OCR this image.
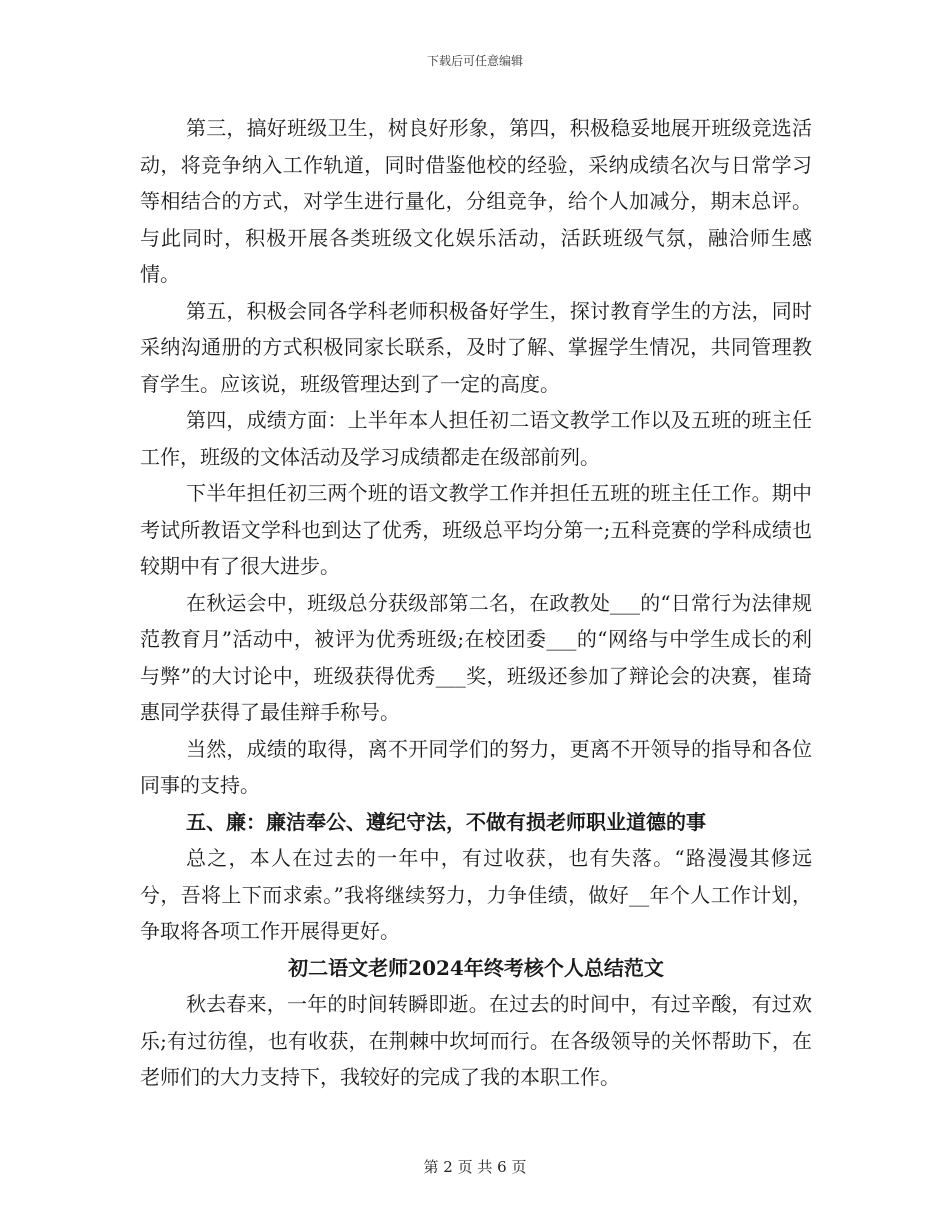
下载后可任意编辑

第三，搞好班级卫生，树良好形象，第四，积极稳妥地展开班级竞选活动，将竞争纳入工作轨道，同时借鉴他校的经验，采纳成绩名次与日常学习等相结合的方式，对学生进行量化，分组竞争，给个人加减分，期末总评。与此同时，积极开展各类班级文化娱乐活动，活跃班级气氛，融洽师生感情。

第五，积极会同各学科老师积极备好学生，探讨教育学生的方法，同时采纳沟通册的方式积极同家长联系，及时了解、掌握学生情况，共同管理教育学生。应该说，班级管理达到了一定的高度。

第四，成绩方面：上半年本人担任初二语文教学工作以及五班的班主任工作，班级的文体活动及学习成绩都走在级部前列。

下半年担任初三两个班的语文教学工作并担任五班的班主任工作。期中考试所教语文学科也到达了优秀，班级总平均分第一;五科竞赛的学科成绩也较期中有了很大进步。

在秋运会中，班级总分获级部第二名，在政教处___的“日常行为法律规范教育月”活动中，被评为优秀班级;在校团委___的“网络与中学生成长的利与弊”的大讨论中，班级获得优秀___奖，班级还参加了辩论会的决赛，崔琦惠同学获得了最佳辩手称号。

当然，成绩的取得，离不开同学们的努力，更离不开领导的指导和各位同事的支持。

五、廉：廉洁奉公、遵纪守法，不做有损老师职业道德的事

总之，本人在过去的一年中，有过收获，也有失落。“路漫漫其修远兮，吾将上下而求索。”我将继续努力，力争佳绩，做好__年个人工作计划，争取将各项工作开展得更好。

初二语文老师2024年终考核个人总结范文

秋去春来，一年的时间转瞬即逝。在过去的时间中，有过辛酸，有过欢乐;有过彷徨，也有收获，在荆棘中坎坷而行。在各级领导的关怀帮助下，在老师们的大力支持下，我较好的完成了我的本职工作。

第 2 页 共 6 页
